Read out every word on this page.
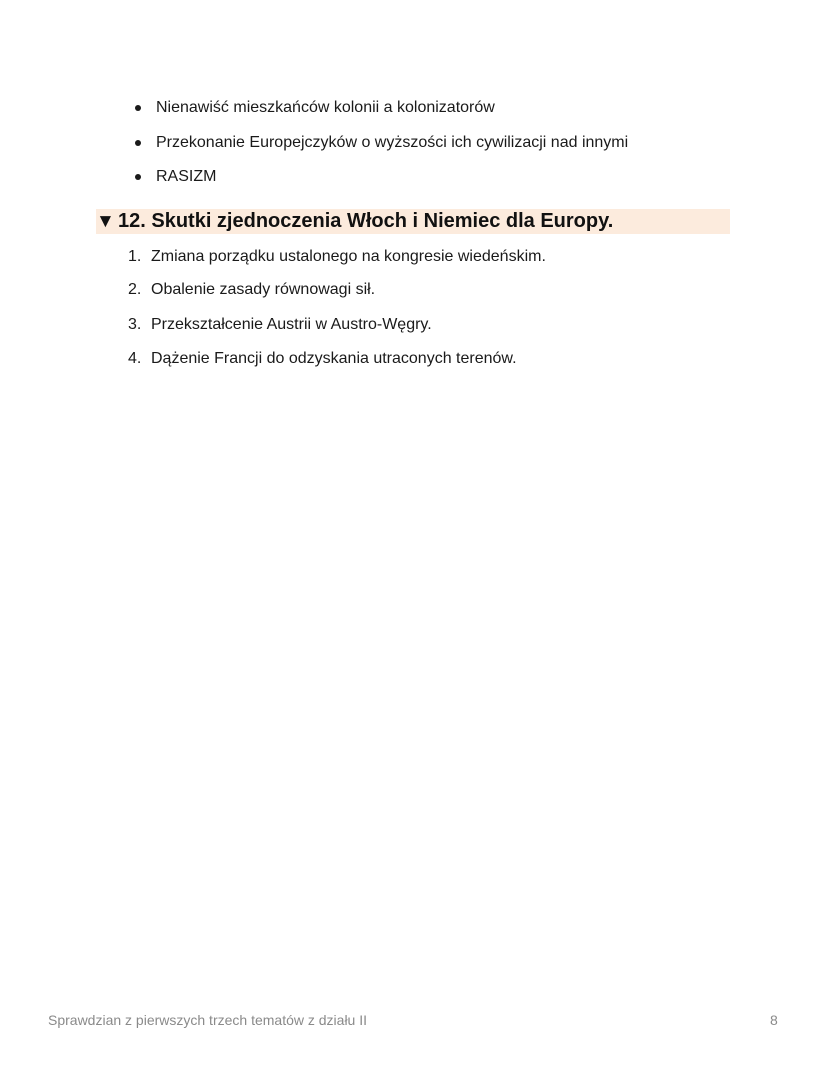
Nienawiść mieszkańców kolonii a kolonizatorów
Przekonanie Europejczyków o wyższości ich cywilizacji nad innymi
RASIZM
▼ 12. Skutki zjednoczenia Włoch i Niemiec dla Europy.
1. Zmiana porządku ustalonego na kongresie wiedeńskim.
2. Obalenie zasady równowagi sił.
3. Przekształcenie Austrii w Austro-Węgry.
4. Dążenie Francji do odzyskania utraconych terenów.
Sprawdzian z pierwszych trzech tematów z działu II	8
